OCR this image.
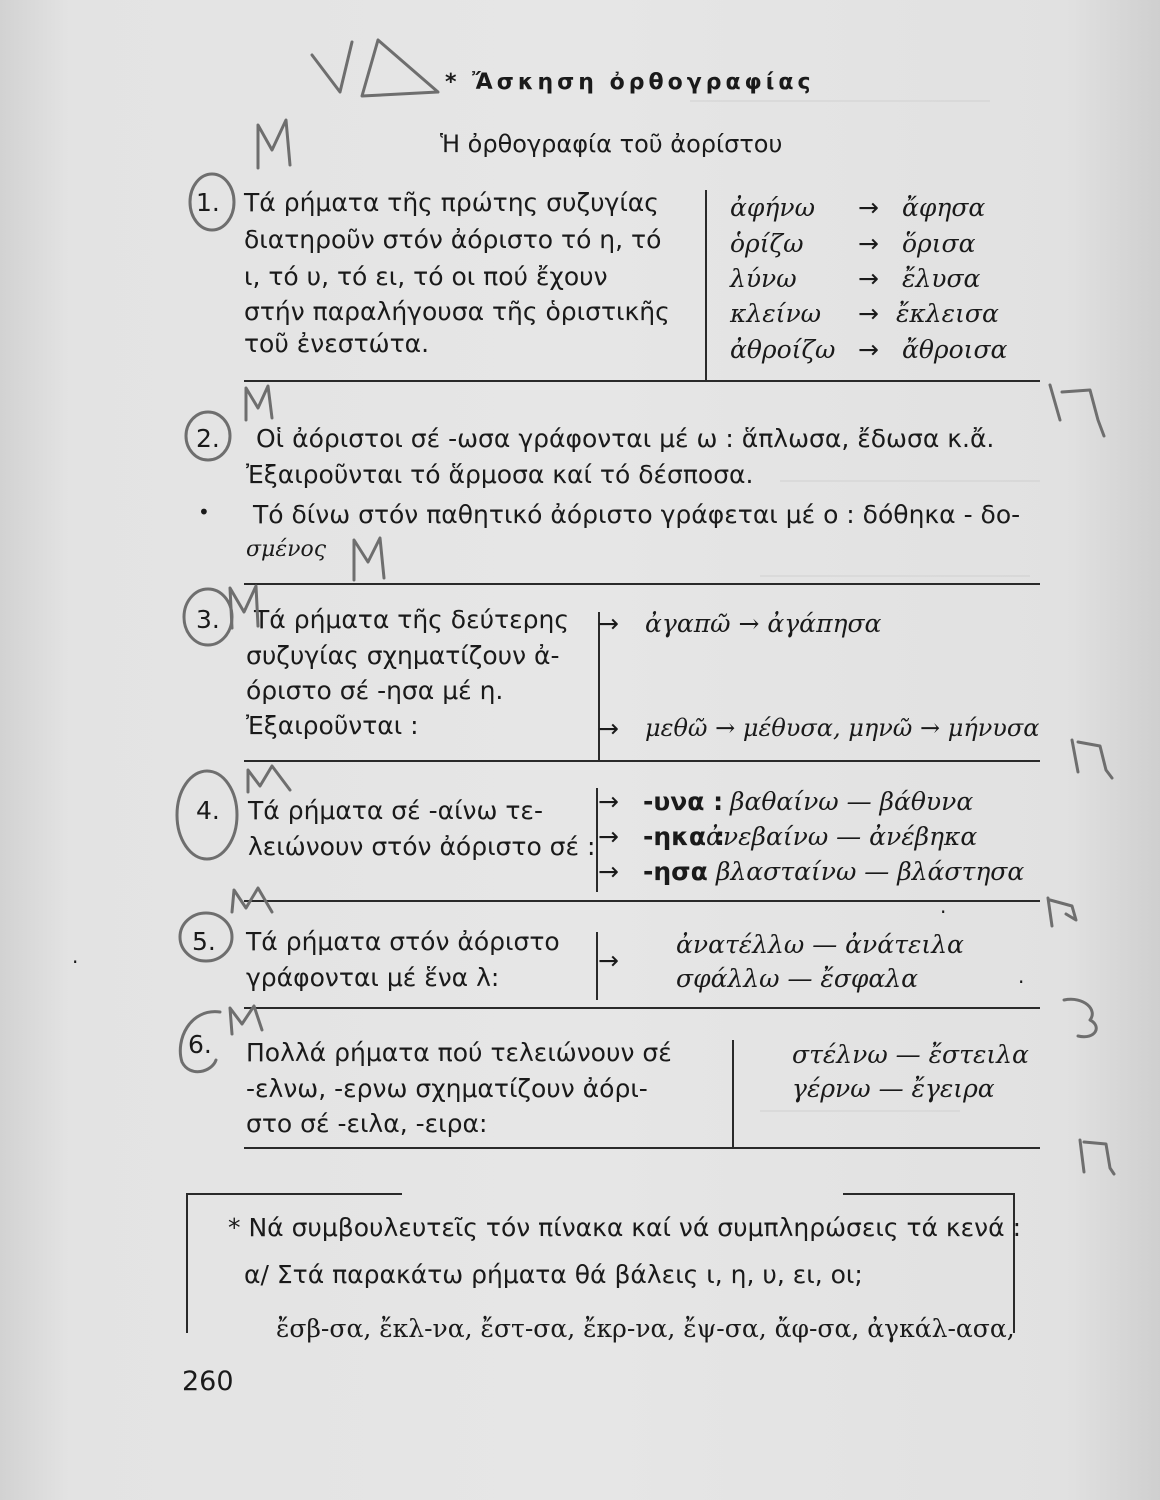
* Ἄσκηση ὀρθογραφίας
Ἡ ὀρθογραφία τοῦ ἀορίστου
1. Τά ρήματα τῆς πρώτης συζυγίας
διατηροῦν στόν ἀόριστο τό η, τό
ι, τό υ, τό ει, τό οι πού ἔχουν
στήν παραλήγουσα τῆς ὁριστικῆς
τοῦ ἐνεστώτα.
ἀφήνω → ἄφησα
ὁρίζω → ὅρισα
λύνω → ἔλυσα
κλείνω → ἔκλεισα
ἀθροίζω → ἄθροισα
2. Οἱ ἀόριστοι σέ -ωσα γράφονται μέ ω : ἅπλωσα, ἔδωσα κ.ἄ.
Ἐξαιροῦνται τό ἅρμοσα καί τό δέσποσα.
• Τό δίνω στόν παθητικό ἀόριστο γράφεται μέ ο : δόθηκα - δο-
σμένος
3. Τά ρήματα τῆς δεύτερης
συζυγίας σχηματίζουν ἀ-
όριστο σέ -ησα μέ η.
Ἐξαιροῦνται :
→ ἀγαπῶ → ἀγάπησα
→ μεθῶ → μέθυσα, μηνῶ → μήνυσα
4. Τά ρήματα σέ -αίνω τε-
λειώνουν στόν ἀόριστο σέ :
→ -υνα : βαθαίνω — βάθυνα
→ -ηκα :
ἀνεβαίνω — ἀνέβηκα
→ -ησα βλασταίνω — βλάστησα
5. Τά ρήματα στόν ἀόριστο
γράφονται μέ ἕνα λ:
→
ἀνατέλλω — ἀνάτειλα
σφάλλω — ἔσφαλα
6. Πολλά ρήματα πού τελειώνουν σέ
-ελνω, -ερνω σχηματίζουν ἀόρι-
στο σέ -ειλα, -ειρα:
στέλνω — ἔστειλα
γέρνω — ἔγειρα
* Νά συμβουλευτεῖς τόν πίνακα καί νά συμπληρώσεις τά κενά :
α/ Στά παρακάτω ρήματα θά βάλεις ι, η, υ, ει, οι;
ἔσβ-σα, ἔκλ-να, ἔστ-σα, ἔκρ-να, ἔψ-σα, ἄφ-σα, ἀγκάλ-ασα,
260
·
·
·
